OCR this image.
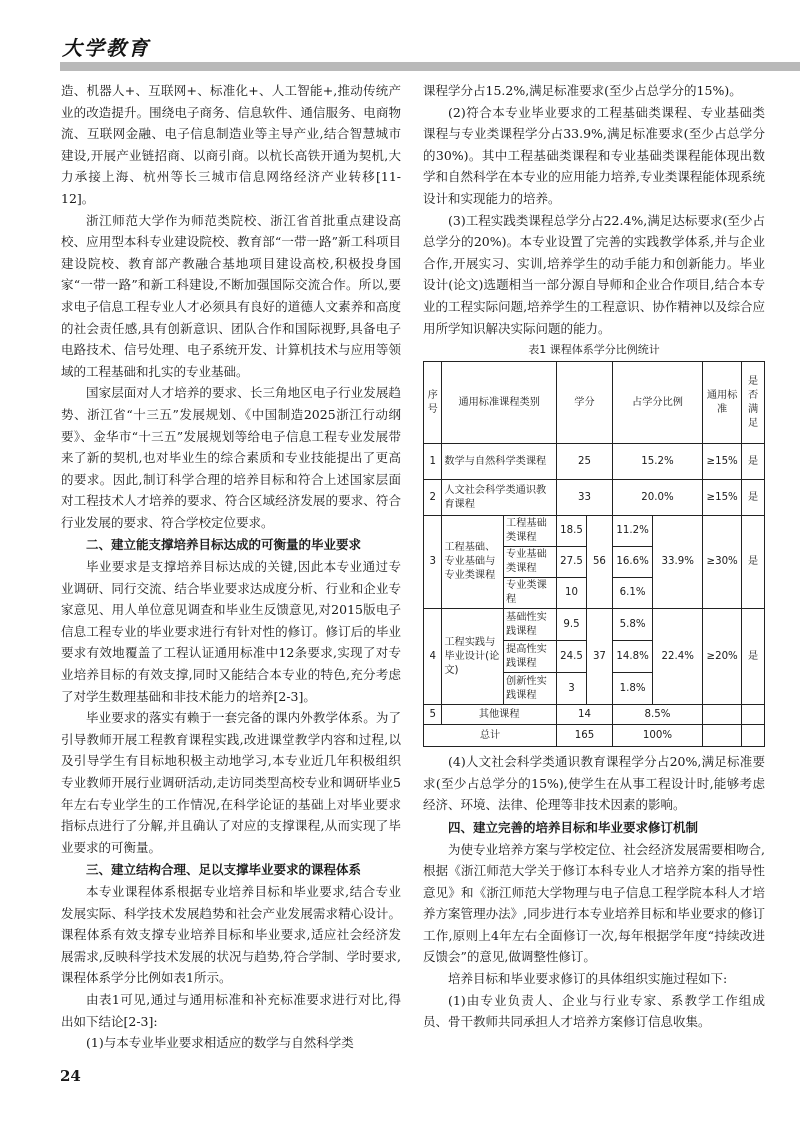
大学教育

造、机器人+、互联网+、标准化+、人工智能+,推动传统产业的改造提升。围绕电子商务、信息软件、通信服务、电商物流、互联网金融、电子信息制造业等主导产业,结合智慧城市建设,开展产业链招商、以商引商。以杭长高铁开通为契机,大力承接上海、杭州等长三城市信息网络经济产业转移[11-12]。

浙江师范大学作为师范类院校、浙江省首批重点建设高校、应用型本科专业建设院校、教育部“一带一路”新工科项目建设院校、教育部产教融合基地项目建设高校,积极投身国家“一带一路”和新工科建设,不断加强国际交流合作。所以,要求电子信息工程专业人才必须具有良好的道德人文素养和高度的社会责任感,具有创新意识、团队合作和国际视野,具备电子电路技术、信号处理、电子系统开发、计算机技术与应用等领域的工程基础和扎实的专业基础。

国家层面对人才培养的要求、长三角地区电子行业发展趋势、浙江省“十三五”发展规划、《中国制造2025浙江行动纲要》、金华市“十三五”发展规划等给电子信息工程专业发展带来了新的契机,也对毕业生的综合素质和专业技能提出了更高的要求。因此,制订科学合理的培养目标和符合上述国家层面对工程技术人才培养的要求、符合区域经济发展的要求、符合行业发展的要求、符合学校定位要求。

二、建立能支撑培养目标达成的可衡量的毕业要求

毕业要求是支撑培养目标达成的关键,因此本专业通过专业调研、同行交流、结合毕业要求达成度分析、行业和企业专家意见、用人单位意见调查和毕业生反馈意见,对2015版电子信息工程专业的毕业要求进行有针对性的修订。修订后的毕业要求有效地覆盖了工程认证通用标准中12条要求,实现了对专业培养目标的有效支撑,同时又能结合本专业的特色,充分考虑了对学生数理基础和非技术能力的培养[2-3]。

毕业要求的落实有赖于一套完备的课内外教学体系。为了引导教师开展工程教育课程实践,改进课堂教学内容和过程,以及引导学生有目标地积极主动地学习,本专业近几年积极组织专业教师开展行业调研活动,走访同类型高校专业和调研毕业5年左右专业学生的工作情况,在科学论证的基础上对毕业要求指标点进行了分解,并且确认了对应的支撑课程,从而实现了毕业要求的可衡量。

三、建立结构合理、足以支撑毕业要求的课程体系

本专业课程体系根据专业培养目标和毕业要求,结合专业发展实际、科学技术发展趋势和社会产业发展需求精心设计。课程体系有效支撑专业培养目标和毕业要求,适应社会经济发展需求,反映科学技术发展的状况与趋势,符合学制、学时要求,课程体系学分比例如表1所示。

由表1可见,通过与通用标准和补充标准要求进行对比,得出如下结论[2-3]:

(1)与本专业毕业要求相适应的数学与自然科学类

课程学分占15.2%,满足标准要求(至少占总学分的15%)。

(2)符合本专业毕业要求的工程基础类课程、专业基础类课程与专业类课程学分占33.9%,满足标准要求(至少占总学分的30%)。其中工程基础类课程和专业基础类课程能体现出数学和自然科学在本专业的应用能力培养,专业类课程能体现系统设计和实现能力的培养。

(3)工程实践类课程总学分占22.4%,满足达标要求(至少占总学分的20%)。本专业设置了完善的实践教学体系,并与企业合作,开展实习、实训,培养学生的动手能力和创新能力。毕业设计(论文)选题相当一部分源自导师和企业合作项目,结合本专业的工程实际问题,培养学生的工程意识、协作精神以及综合应用所学知识解决实际问题的能力。

表1 课程体系学分比例统计
序号	通用标准课程类别		学分		占学分比例		通用标准	是否满足
1	数学与自然科学类课程		25		15.2%		≥15%	是
2	人文社会科学类通识教育课程		33		20.0%		≥15%	是
3	工程基础、专业基础与专业类课程	工程基础类课程	18.5	56	11.2%	33.9%	≥30%	是
		专业基础类课程	27.5		16.6%			
		专业类课程	10		6.1%			
4	工程实践与毕业设计(论文)	基础性实践课程	9.5	37	5.8%	22.4%	≥20%	是
		提高性实践课程	24.5		14.8%			
		创新性实践课程	3		1.8%			
5	其他课程		14		8.5%			
总计			165		100%			

(4)人文社会科学类通识教育课程学分占20%,满足标准要求(至少占总学分的15%),使学生在从事工程设计时,能够考虑经济、环境、法律、伦理等非技术因素的影响。

四、建立完善的培养目标和毕业要求修订机制

为使专业培养方案与学校定位、社会经济发展需要相吻合,根据《浙江师范大学关于修订本科专业人才培养方案的指导性意见》和《浙江师范大学物理与电子信息工程学院本科人才培养方案管理办法》,同步进行本专业培养目标和毕业要求的修订工作,原则上4年左右全面修订一次,每年根据学年度“持续改进反馈会”的意见,做调整性修订。

培养目标和毕业要求修订的具体组织实施过程如下:

(1)由专业负责人、企业与行业专家、系教学工作组成员、骨干教师共同承担人才培养方案修订信息收集。

24
